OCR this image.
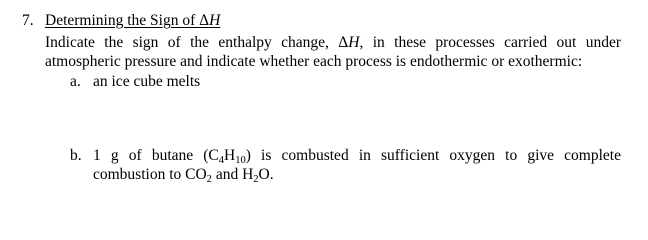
7. Determining the Sign of ΔH
Indicate the sign of the enthalpy change, ΔH, in these processes carried out under
atmospheric pressure and indicate whether each process is endothermic or exothermic:
a. an ice cube melts
b. 1 g of butane $(C_4H_{10})$ is combusted in sufficient oxygen to give complete
combustion to $CO_2$ and $H_2O$.
